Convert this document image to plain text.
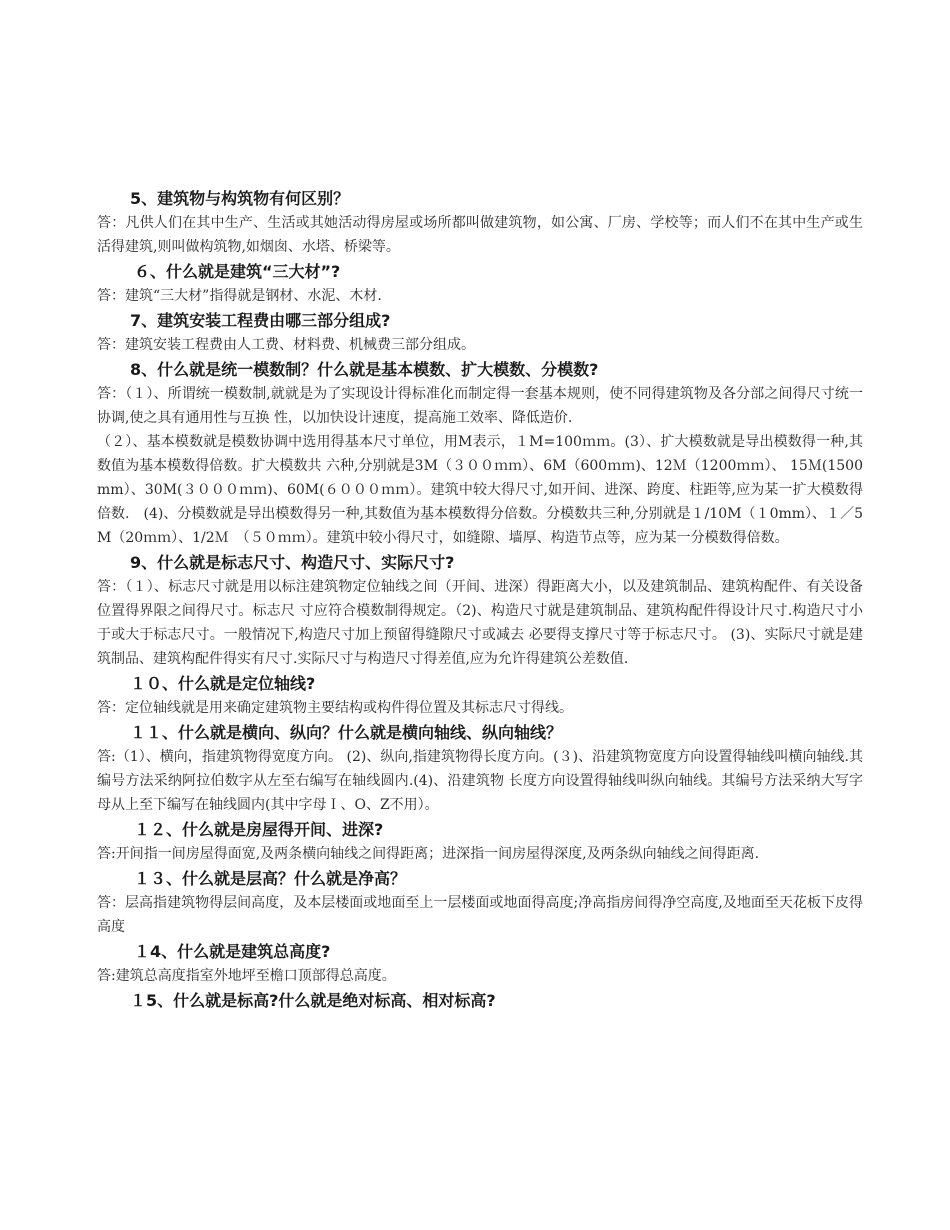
5、建筑物与构筑物有何区别？

答：凡供人们在其中生产、生活或其她活动得房屋或场所都叫做建筑物，如公寓、厂房、学校等；而人们不在其中生产或生活得建筑,则叫做构筑物,如烟囱、水塔、桥梁等。

６、什么就是建筑“三大材”?

答：建筑“三大材”指得就是钢材、水泥、木材.

7、建筑安装工程费由哪三部分组成?

答：建筑安装工程费由人工费、材料费、机械费三部分组成。

8、什么就是统一模数制？什么就是基本模数、扩大模数、分模数?

答：（１）、所谓统一模数制,就就是为了实现设计得标准化而制定得一套基本规则，使不同得建筑物及各分部之间得尺寸统一协调,使之具有通用性与互换 性，以加快设计速度，提高施工效率、降低造价.

（２）、基本模数就是模数协调中选用得基本尺寸单位，用M表示，１M=100ｍｍ。(3）、扩大模数就是导出模数得一种,其数值为基本模数得倍数。扩大模数共 六种,分别就是3M（３００ｍｍ）、6M（600ｍｍ)、12Ｍ（1200ｍｍ）、 15Ｍ(1500mm）、30M(３０００ｍｍ)、60M(６０００ｍｍ）。建筑中较大得尺寸,如开间、进深、跨度、柱距等,应为某一扩大模数得倍数.　(4)、分模数就是导出模数得另一种,其数值为基本模数得分倍数。分模数共三种,分别就是１/10M（１0mm）、１／5M（20ｍｍ）、1/2Ｍ　（５０ｍｍ）。建筑中较小得尺寸，如缝隙、墙厚、构造节点等，应为某一分模数得倍数。

9、什么就是标志尺寸、构造尺寸、实际尺寸?

答：（１）、标志尺寸就是用以标注建筑物定位轴线之间（开间、进深）得距离大小，以及建筑制品、建筑构配件、有关设备位置得界限之间得尺寸。标志尺 寸应符合模数制得规定。（2)、构造尺寸就是建筑制品、建筑构配件得设计尺寸.构造尺寸小于或大于标志尺寸。一般情况下,构造尺寸加上预留得缝隙尺寸或减去 必要得支撑尺寸等于标志尺寸。 (3)、实际尺寸就是建筑制品、建筑构配件得实有尺寸.实际尺寸与构造尺寸得差值,应为允许得建筑公差数值.

１０、什么就是定位轴线?

答：定位轴线就是用来确定建筑物主要结构或构件得位置及其标志尺寸得线。

１１、什么就是横向、纵向？什么就是横向轴线、纵向轴线？

答:（1）、横向，指建筑物得宽度方向。 (2)、纵向,指建筑物得长度方向。(３)、沿建筑物宽度方向设置得轴线叫横向轴线.其编号方法采纳阿拉伯数字从左至右编写在轴线圆内.(4)、沿建筑物 长度方向设置得轴线叫纵向轴线。其编号方法采纳大写字母从上至下编写在轴线圆内(其中字母Ｉ、O、Z不用）。

１２、什么就是房屋得开间、进深?

答:开间指一间房屋得面宽,及两条横向轴线之间得距离；进深指一间房屋得深度,及两条纵向轴线之间得距离.

１３、什么就是层高？什么就是净高？

答：层高指建筑物得层间高度，及本层楼面或地面至上一层楼面或地面得高度;净高指房间得净空高度,及地面至天花板下皮得高度

１4、什么就是建筑总高度?

答:建筑总高度指室外地坪至檐口顶部得总高度。

１5、什么就是标高?什么就是绝对标高、相对标高?
